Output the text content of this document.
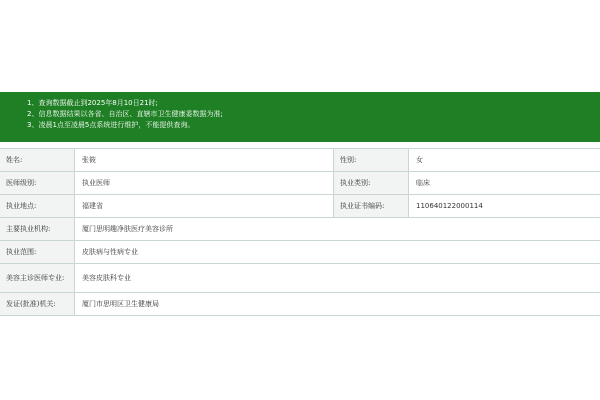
1、查询数据截止到2025年8月10日21时;
2、信息数据结果以各省、自治区、直辖市卫生健康委数据为准;
3、凌晨1点至凌晨5点系统进行维护，不能提供查询。
姓名:	张筱	性别:	女
医师级别:	执业医师	执业类别:	临床
执业地点:	福建省	执业证书编码:	110640122000114
主要执业机构:	厦门思明趣净肤医疗美容诊所
执业范围:	皮肤病与性病专业
美容主诊医师专业:	美容皮肤科专业
发证(批准)机关:	厦门市思明区卫生健康局
